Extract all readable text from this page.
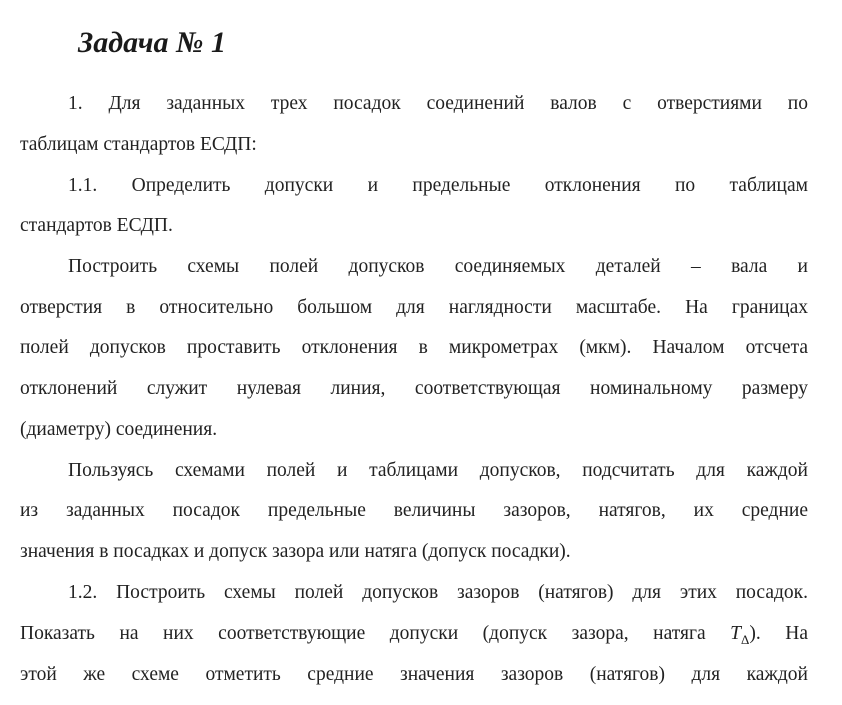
Задача № 1
1. Для заданных трех посадок соединений валов с отверстиями по
таблицам стандартов ЕСДП:
1.1. Определить допуски и предельные отклонения по таблицам
стандартов ЕСДП.
Построить схемы полей допусков соединяемых деталей – вала и
отверстия в относительно большом для наглядности масштабе. На границах
полей допусков проставить отклонения в микрометрах (мкм). Началом отсчета
отклонений служит нулевая линия, соответствующая номинальному размеру
(диаметру) соединения.
Пользуясь схемами полей и таблицами допусков, подсчитать для каждой
из заданных посадок предельные величины зазоров, натягов, их средние
значения в посадках и допуск зазора или натяга (допуск посадки).
1.2. Построить схемы полей допусков зазоров (натягов) для этих посадок.
Показать на них соответствующие допуски (допуск зазора, натяга $T_\Delta$). На
этой же схеме отметить средние значения зазоров (натягов) для каждой
